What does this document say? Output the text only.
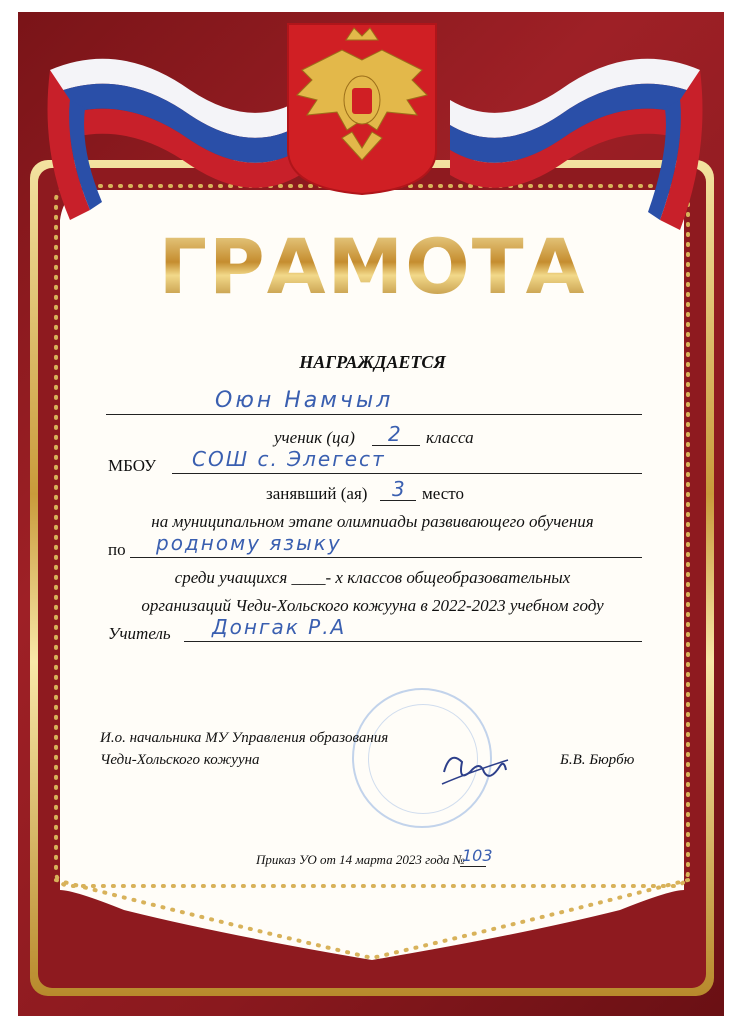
ГРАМОТА
НАГРАЖДАЕТСЯ
Оюн Намчыл
ученик (ца) 2 класса
МБОУ СОШ с. Элегест
занявший (ая) 3 место
на муниципальном этапе олимпиады развивающего обучения
по родному языку
среди учащихся ____- х классов общеобразовательных
организаций Чеди-Хольского кожууна в 2022-2023 учебном году
Учитель Донгак Р.А
И.о. начальника МУ Управления образования
Чеди-Хольского кожууна	Б.В. Бюрбю
Приказ УО от 14 марта 2023 года №
103
